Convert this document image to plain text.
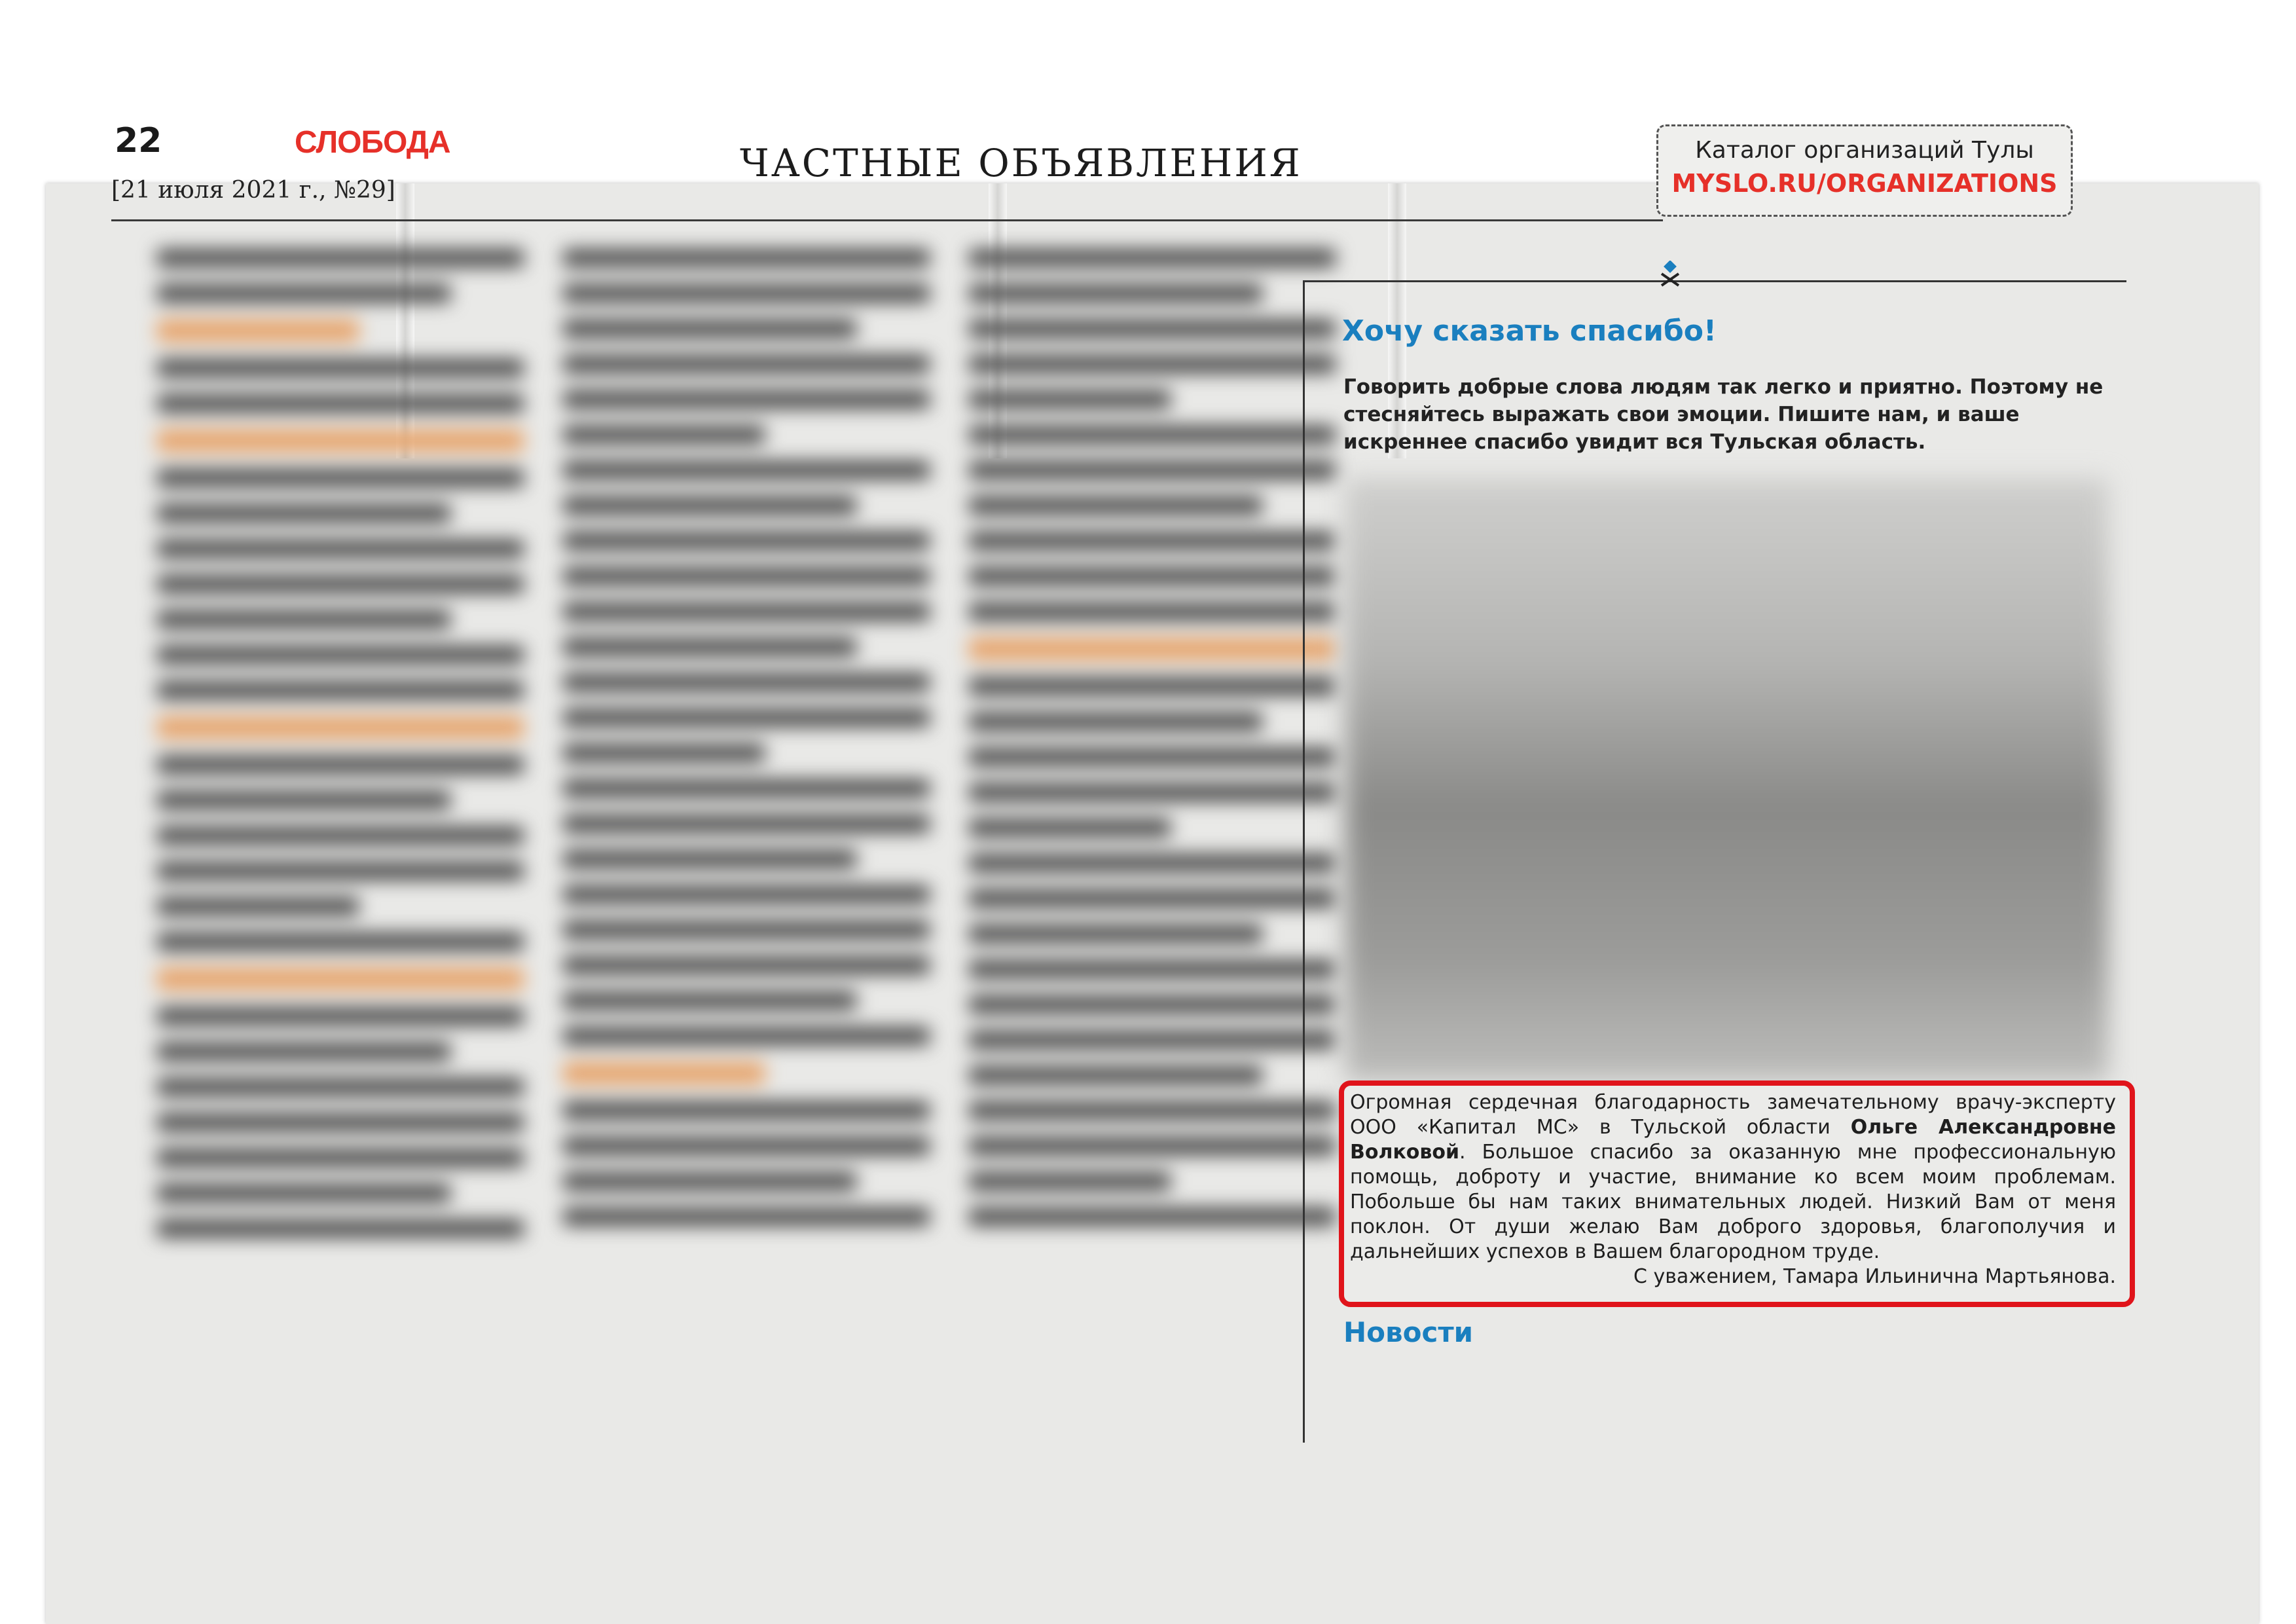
22	СЛОБОДА
[21 июля 2021 г., №29]
ЧАСТНЫЕ ОБЪЯВЛЕНИЯ	Каталог организаций Тулы
MYSLO.RU/ORGANIZATIONS
Хочу сказать спасибо!
Говорить добрые слова людям так легко и приятно. Поэтому не стесняйтесь выражать свои эмоции. Пишите нам, и ваше искреннее спасибо увидит вся Тульская область.
Огромная сердечная благодарность замечательному врачу-эксперту ООО «Капитал МС» в Тульской области Ольге Александровне Волковой. Большое спасибо за оказанную мне профессиональную помощь, доброту и участие, внимание ко всем моим проблемам. Побольше бы нам таких внимательных людей. Низкий Вам от меня поклон. От души желаю Вам доброго здоровья, благополучия и дальнейших успехов в Вашем благородном труде.
С уважением, Тамара Ильинична Мартьянова.
Новости
